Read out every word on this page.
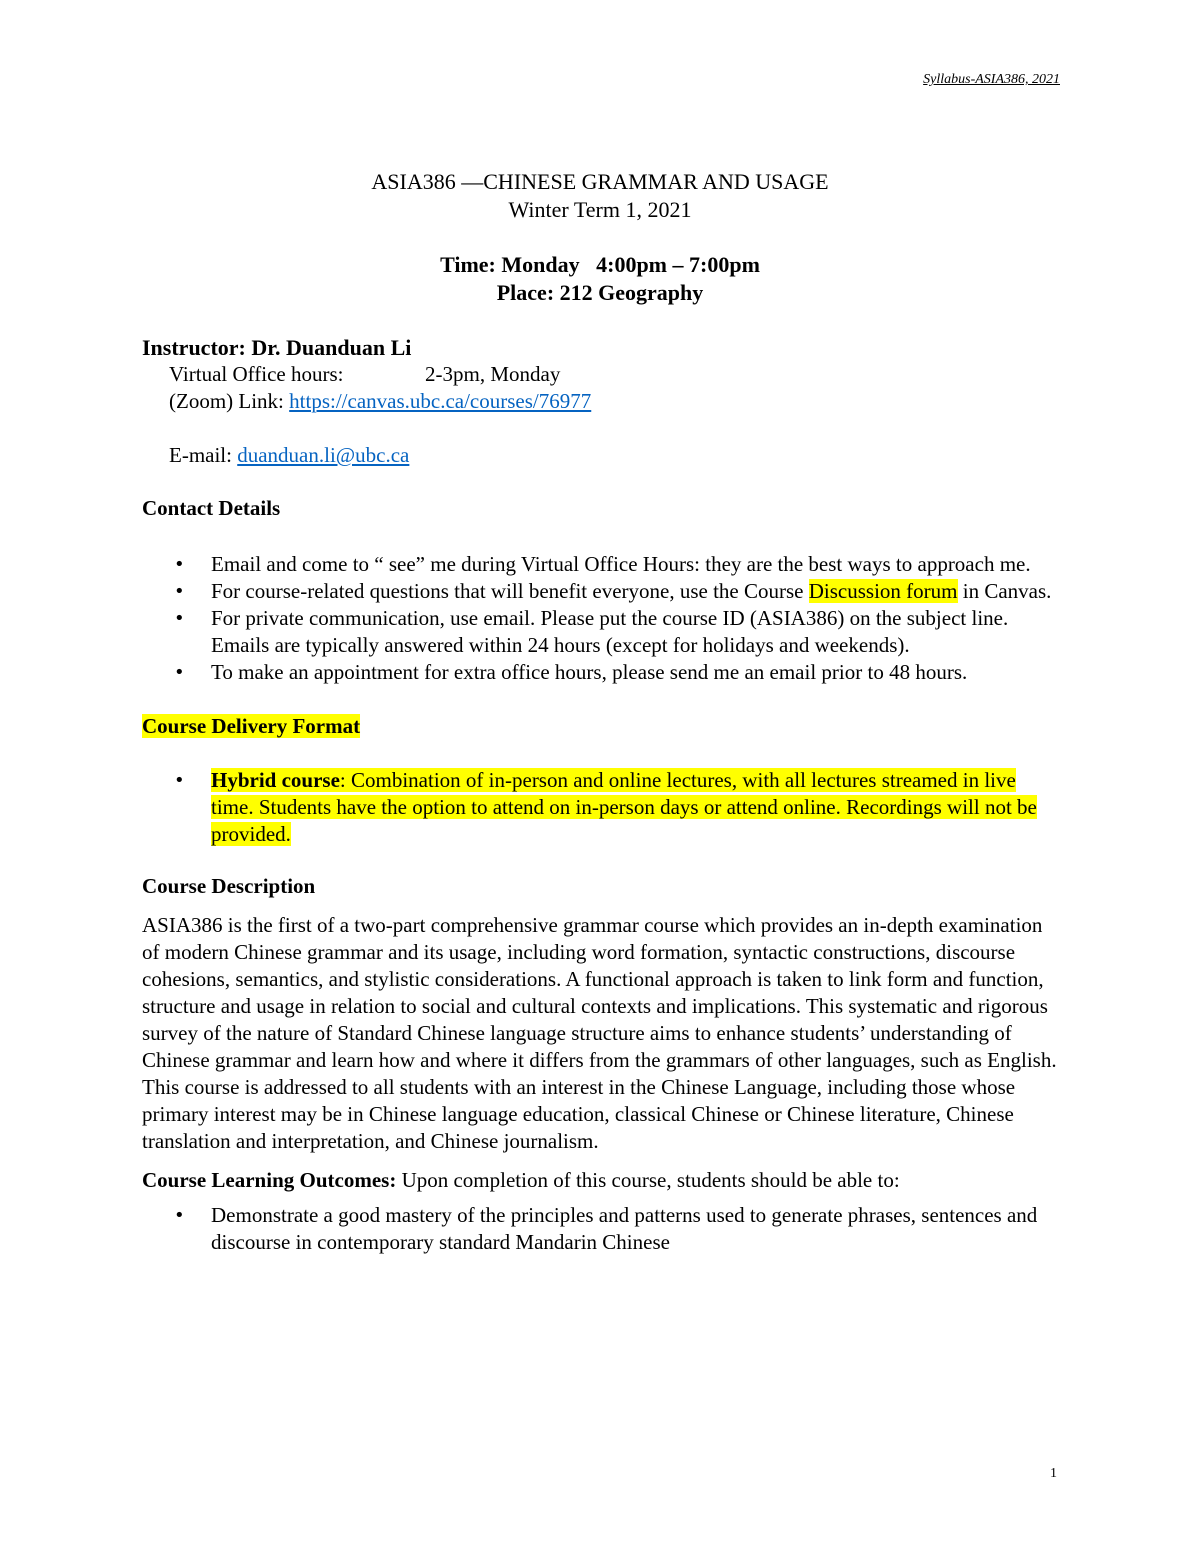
Syllabus-ASIA386, 2021
ASIA386 —CHINESE GRAMMAR AND USAGE
Winter Term 1, 2021
Time: Monday   4:00pm – 7:00pm
Place: 212 Geography
Instructor: Dr. Duanduan Li
Virtual Office hours:	2-3pm, Monday
(Zoom) Link: https://canvas.ubc.ca/courses/76977
E-mail: duanduan.li@ubc.ca
Contact Details
• Email and come to “ see” me during Virtual Office Hours: they are the best ways to approach me.
• For course-related questions that will benefit everyone, use the Course Discussion forum in Canvas.
• For private communication, use email. Please put the course ID (ASIA386) on the subject line. Emails are typically answered within 24 hours (except for holidays and weekends).
• To make an appointment for extra office hours, please send me an email prior to 48 hours.
Course Delivery Format
• Hybrid course: Combination of in-person and online lectures, with all lectures streamed in live time. Students have the option to attend on in-person days or attend online. Recordings will not be provided.
Course Description
ASIA386 is the first of a two-part comprehensive grammar course which provides an in-depth examination of modern Chinese grammar and its usage, including word formation, syntactic constructions, discourse cohesions, semantics, and stylistic considerations. A functional approach is taken to link form and function, structure and usage in relation to social and cultural contexts and implications. This systematic and rigorous survey of the nature of Standard Chinese language structure aims to enhance students’ understanding of Chinese grammar and learn how and where it differs from the grammars of other languages, such as English. This course is addressed to all students with an interest in the Chinese Language, including those whose primary interest may be in Chinese language education, classical Chinese or Chinese literature, Chinese translation and interpretation, and Chinese journalism.
Course Learning Outcomes: Upon completion of this course, students should be able to:
• Demonstrate a good mastery of the principles and patterns used to generate phrases, sentences and discourse in contemporary standard Mandarin Chinese
1
